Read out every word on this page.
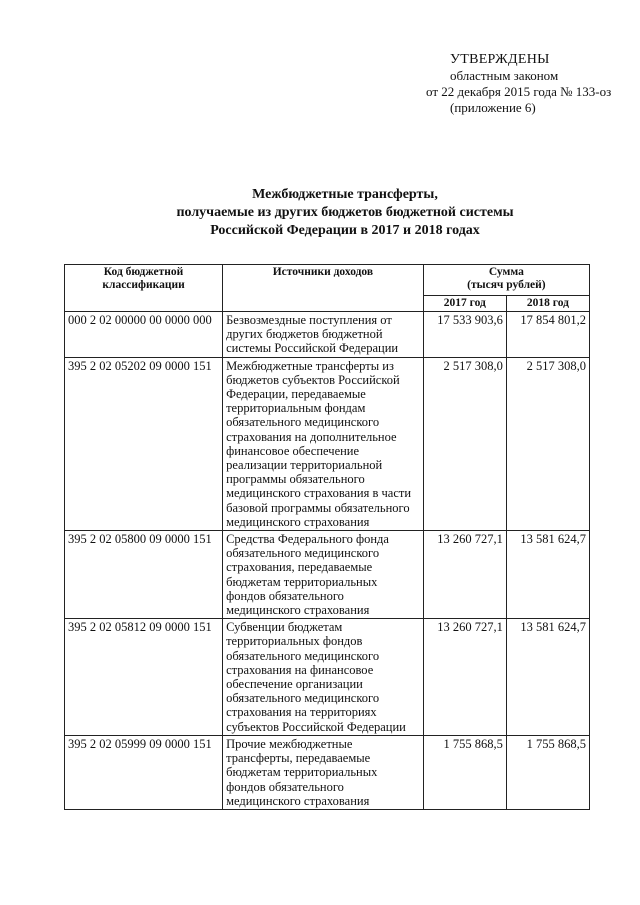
УТВЕРЖДЕНЫ
областным законом
от 22 декабря 2015 года № 133-оз
(приложение 6)
Межбюджетные трансферты,
получаемые из других бюджетов бюджетной системы
Российской Федерации в 2017 и 2018 годах
Код бюджетной классификации	Источники доходов	Сумма
(тысяч рублей)	

		2017 год	2018 год
000 2 02 00000 00 0000 000	Безвозмездные поступления от других бюджетов бюджетной системы Российской Федерации	17 533 903,6	17 854 801,2
395 2 02 05202 09 0000 151	Межбюджетные трансферты из бюджетов субъектов Российской Федерации, передаваемые территориальным фондам обязательного медицинского страхования на дополнительное финансовое обеспечение реализации территориальной программы обязательного медицинского страхования в части базовой программы обязательного медицинского страхования	2 517 308,0	2 517 308,0
395 2 02 05800 09 0000 151	Средства Федерального фонда обязательного медицинского страхования, передаваемые бюджетам территориальных фондов обязательного медицинского страхования	13 260 727,1	13 581 624,7
395 2 02 05812 09 0000 151	Субвенции бюджетам территориальных фондов обязательного медицинского страхования на финансовое обеспечение организации обязательного медицинского страхования на территориях субъектов Российской Федерации	13 260 727,1	13 581 624,7
395 2 02 05999 09 0000 151	Прочие межбюджетные трансферты, передаваемые бюджетам территориальных фондов обязательного медицинского страхования	1 755 868,5	1 755 868,5
